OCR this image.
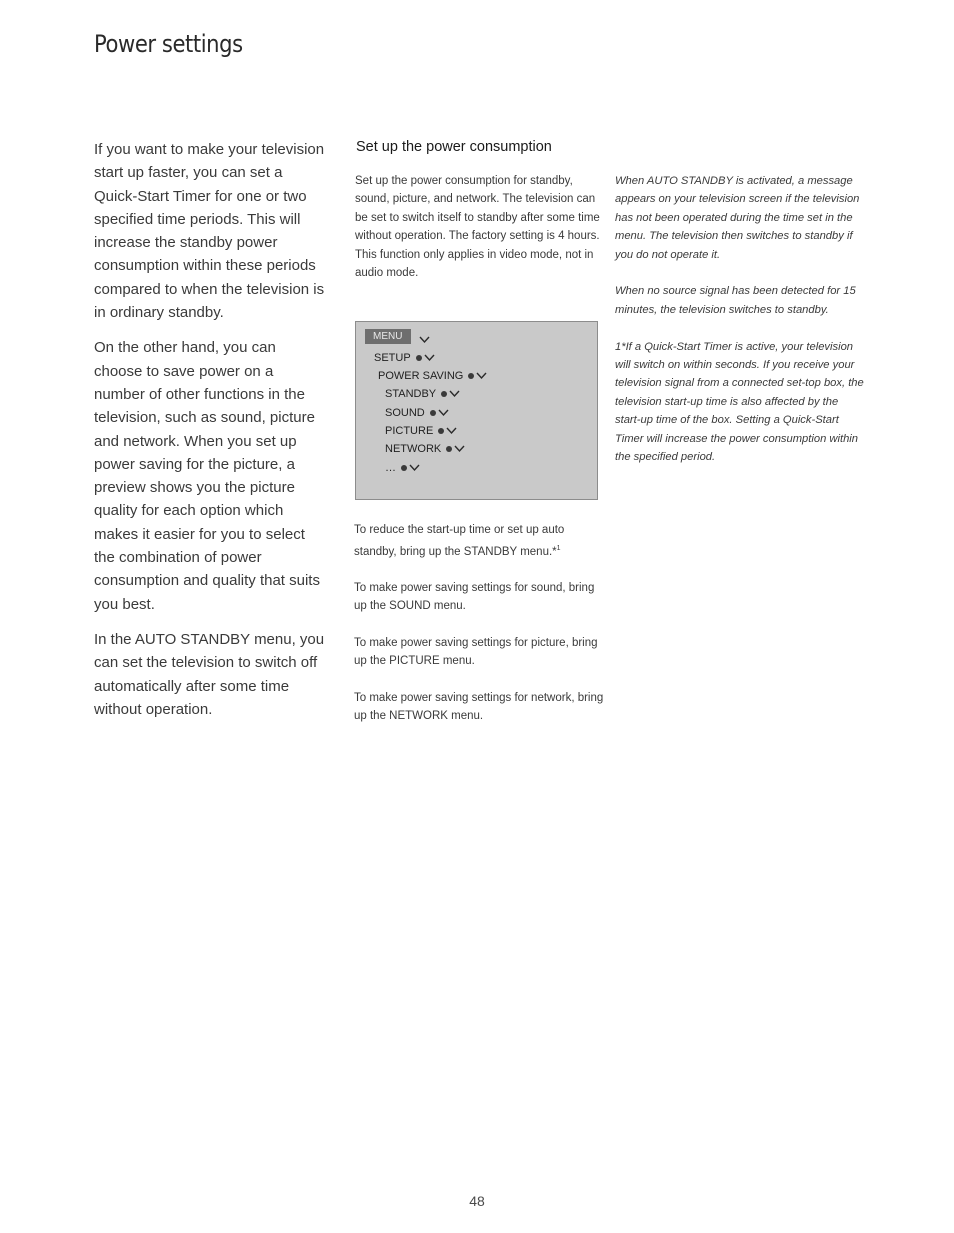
Power settings

If you want to make your television start up faster, you can set a Quick-Start Timer for one or two specified time periods. This will increase the standby power consumption within these periods compared to when the television is in ordinary standby.

On the other hand, you can choose to save power on a number of other functions in the television, such as sound, picture and network. When you set up power saving for the picture, a preview shows you the picture quality for each option which makes it easier for you to select the combination of power consumption and quality that suits you best.

In the AUTO STANDBY menu, you can set the television to switch off automatically after some time without operation.

Set up the power consumption
Set up the power consumption for standby, sound, picture, and network. The television can be set to switch itself to standby after some time without operation. The factory setting is 4 hours. This function only applies in video mode, not in audio mode.
MENU
SETUP
POWER SAVING
STANDBY
SOUND
PICTURE
NETWORK
…

To reduce the start-up time or set up auto standby, bring up the STANDBY menu.*$^1$

To make power saving settings for sound, bring up the SOUND menu.

To make power saving settings for picture, bring up the PICTURE menu.

To make power saving settings for network, bring up the NETWORK menu.

When AUTO STANDBY is activated, a message appears on your television screen if the television has not been operated during the time set in the menu. The television then switches to standby if you do not operate it.

When no source signal has been detected for 15 minutes, the television switches to standby.

1*If a Quick-Start Timer is active, your television will switch on within seconds. If you receive your television signal from a connected set-top box, the television start-up time is also affected by the start-up time of the box. Setting a Quick-Start Timer will increase the power consumption within the specified period.

48
